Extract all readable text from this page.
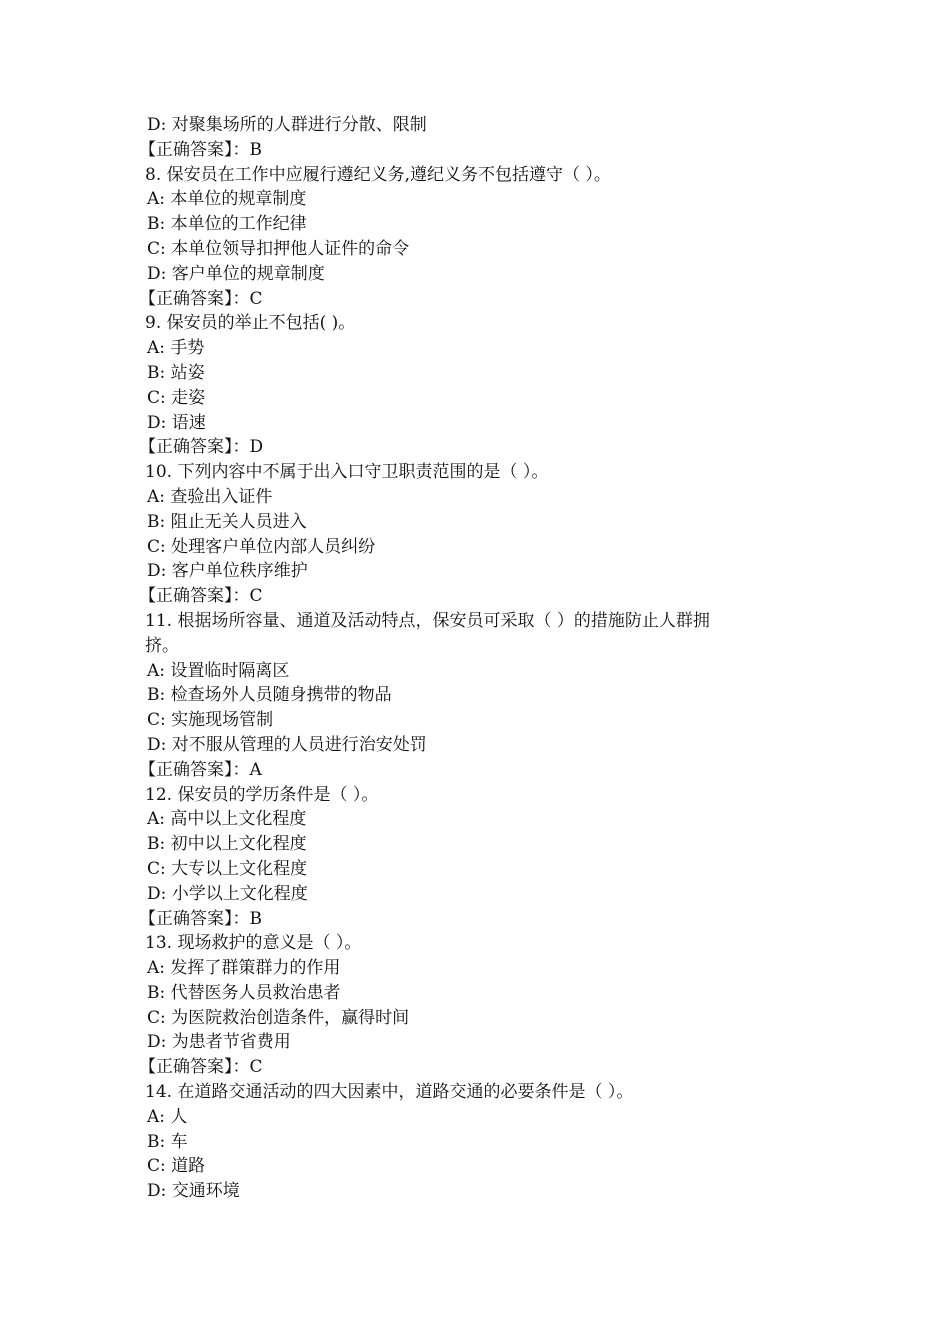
D: 对聚集场所的人群进行分散、限制
【正确答案】：B
8. 保安员在工作中应履行遵纪义务,遵纪义务不包括遵守（ ）。
A: 本单位的规章制度
B: 本单位的工作纪律
C: 本单位领导扣押他人证件的命令
D: 客户单位的规章制度
【正确答案】：C
9. 保安员的举止不包括( )。
A: 手势
B: 站姿
C: 走姿
D: 语速
【正确答案】：D
10. 下列内容中不属于出入口守卫职责范围的是（ ）。
A: 查验出入证件
B: 阻止无关人员进入
C: 处理客户单位内部人员纠纷
D: 客户单位秩序维护
【正确答案】：C
11. 根据场所容量、通道及活动特点，保安员可采取（ ）的措施防止人群拥
挤。
A: 设置临时隔离区
B: 检查场外人员随身携带的物品
C: 实施现场管制
D: 对不服从管理的人员进行治安处罚
【正确答案】：A
12. 保安员的学历条件是（ ）。
A: 高中以上文化程度
B: 初中以上文化程度
C: 大专以上文化程度
D: 小学以上文化程度
【正确答案】：B
13. 现场救护的意义是（ ）。
A: 发挥了群策群力的作用
B: 代替医务人员救治患者
C: 为医院救治创造条件，赢得时间
D: 为患者节省费用
【正确答案】：C
14. 在道路交通活动的四大因素中，道路交通的必要条件是（ ）。
A: 人
B: 车
C: 道路
D: 交通环境
